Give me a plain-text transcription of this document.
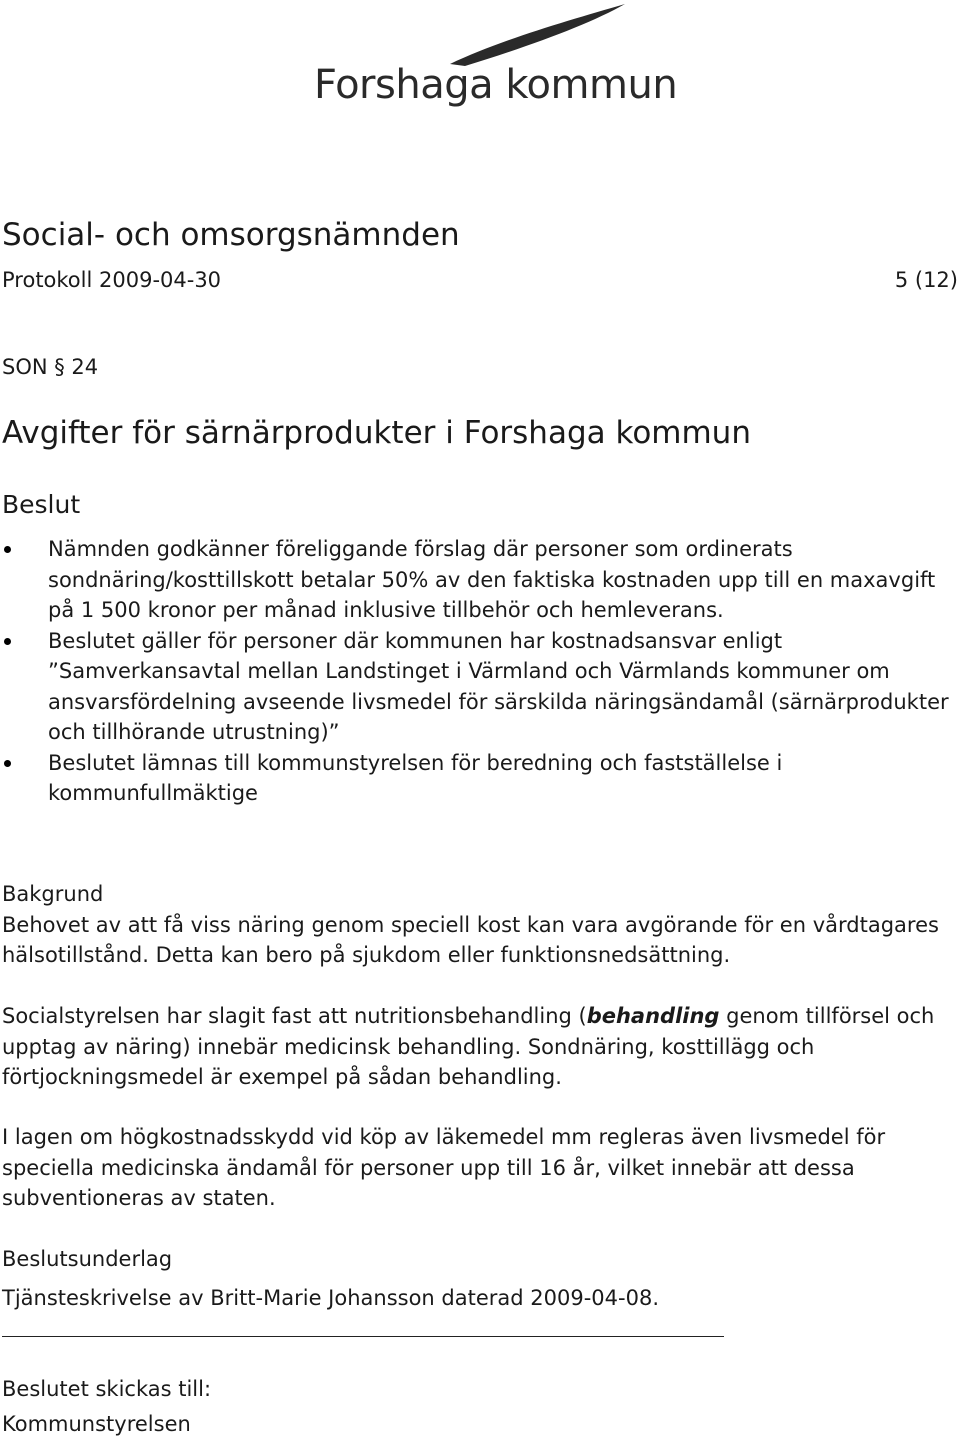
Forshaga kommun
Social- och omsorgsnämnden
Protokoll 2009-04-30	5 (12)
SON § 24
Avgifter för särnärprodukter i Forshaga kommun
Beslut
Nämnden godkänner föreliggande förslag där personer som ordinerats sondnäring/kosttillskott betalar 50% av den faktiska kostnaden upp till en maxavgift på 1 500 kronor per månad inklusive tillbehör och hemleverans.
Beslutet gäller för personer där kommunen har kostnadsansvar enligt ”Samverkansavtal mellan Landstinget i Värmland och Värmlands kommuner om ansvarsfördelning avseende livsmedel för särskilda näringsändamål (särnärprodukter och tillhörande utrustning)”
Beslutet lämnas till kommunstyrelsen för beredning och fastställelse i kommunfullmäktige
Bakgrund
Behovet av att få viss näring genom speciell kost kan vara avgörande för en vårdtagares hälsotillstånd. Detta kan bero på sjukdom eller funktionsnedsättning.
Socialstyrelsen har slagit fast att nutritionsbehandling (behandling genom tillförsel och upptag av näring) innebär medicinsk behandling. Sondnäring, kosttillägg och förtjockningsmedel är exempel på sådan behandling.
I lagen om högkostnadsskydd vid köp av läkemedel mm regleras även livsmedel för speciella medicinska ändamål för personer upp till 16 år, vilket innebär att dessa subventioneras av staten.
Beslutsunderlag
Tjänsteskrivelse av Britt-Marie Johansson daterad 2009-04-08.
Beslutet skickas till:
Kommunstyrelsen
